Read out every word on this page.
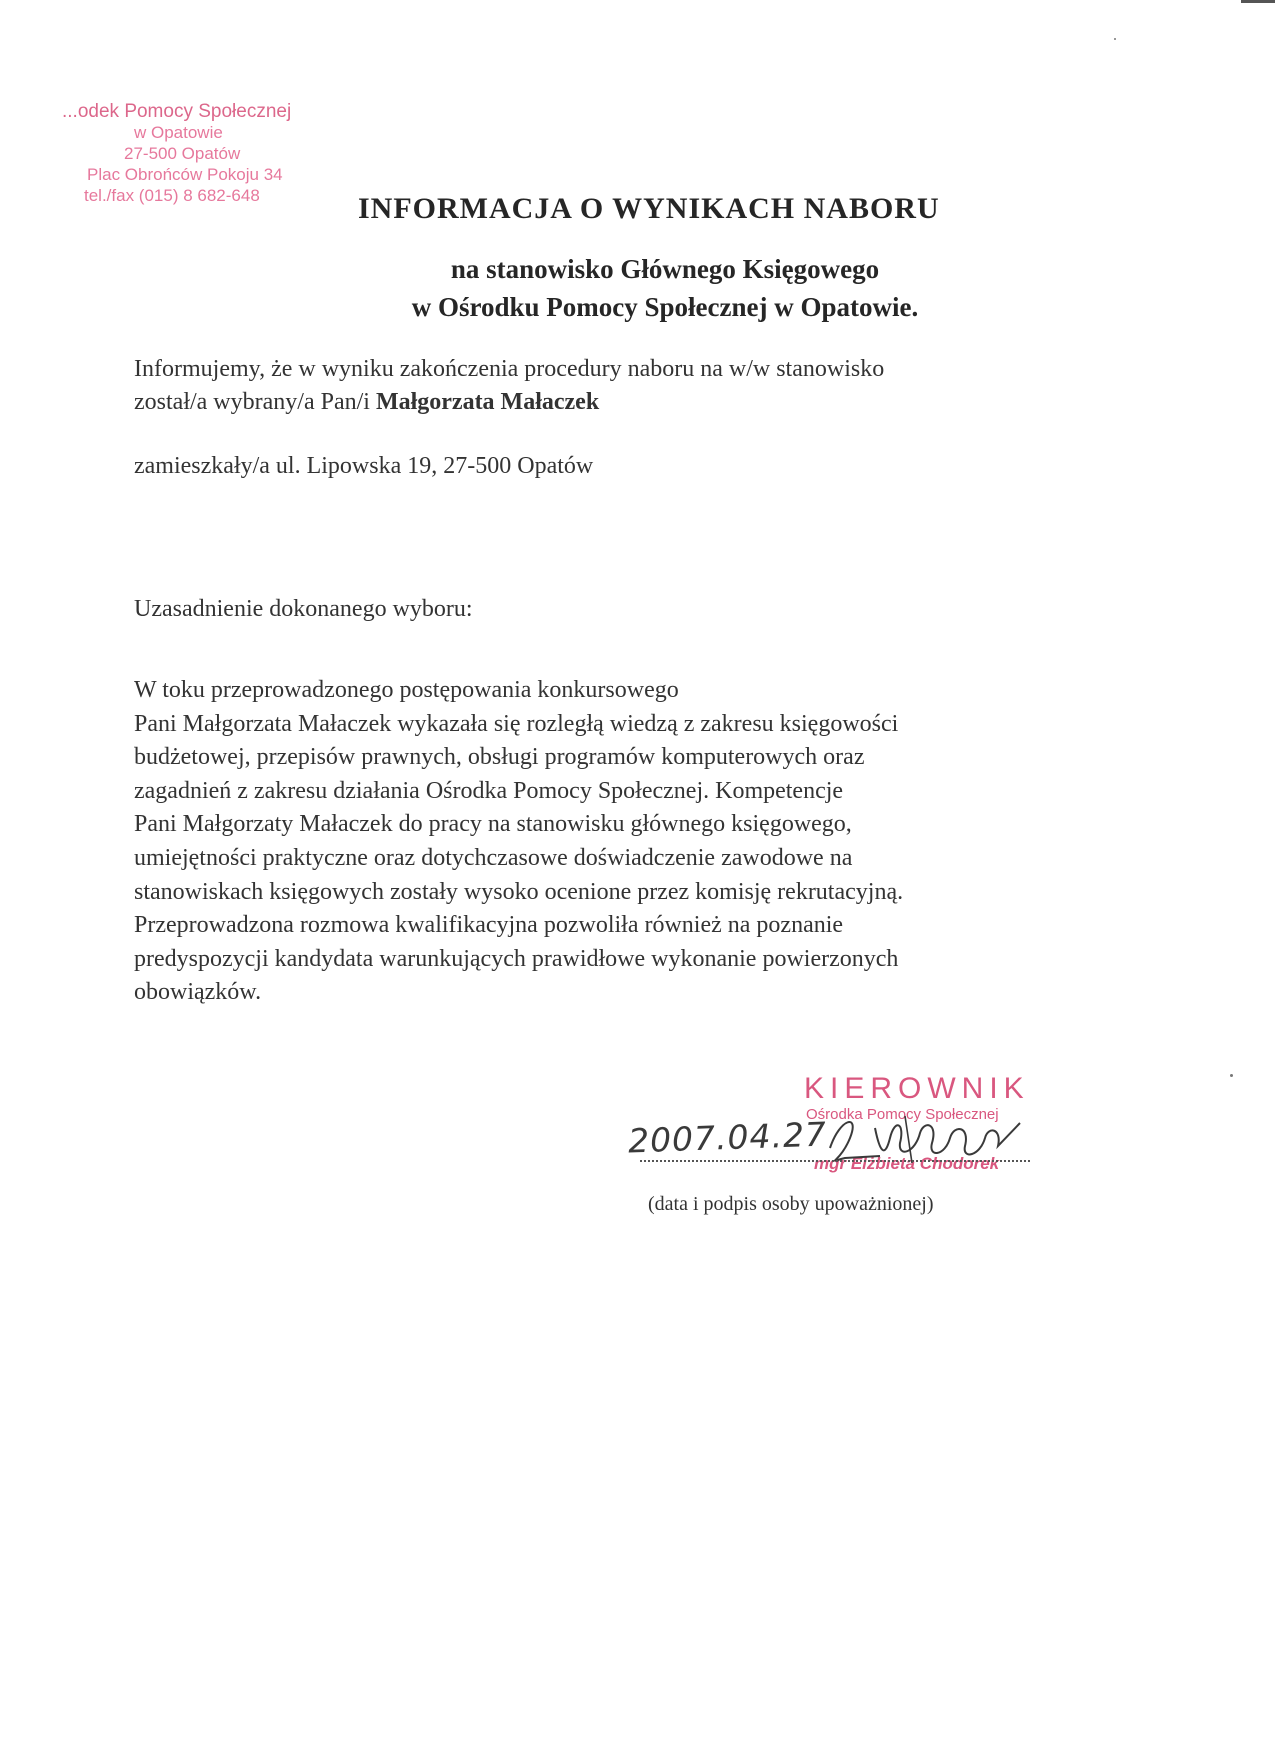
...odek Pomocy Społecznej
w Opatowie
27-500 Opatów
Plac Obrońców Pokoju 34
tel./fax (015) 8 682-648	INFORMACJA O WYNIKACH NABORU
na stanowisko Głównego Księgowego
w Ośrodku Pomocy Społecznej w Opatowie.
Informujemy, że w wyniku zakończenia procedury naboru na w/w stanowisko
został/a wybrany/a Pan/i Małgorzata Małaczek
zamieszkały/a ul. Lipowska 19, 27-500 Opatów
Uzasadnienie dokonanego wyboru:
W toku przeprowadzonego postępowania konkursowego
Pani Małgorzata Małaczek wykazała się rozległą wiedzą z zakresu księgowości
budżetowej, przepisów prawnych, obsługi programów komputerowych oraz
zagadnień z zakresu działania Ośrodka Pomocy Społecznej. Kompetencje
Pani Małgorzaty Małaczek do pracy na stanowisku głównego księgowego,
umiejętności praktyczne oraz dotychczasowe doświadczenie zawodowe na
stanowiskach księgowych zostały wysoko ocenione przez komisję rekrutacyjną.
Przeprowadzona rozmowa kwalifikacyjna pozwoliła również na poznanie
predyspozycji kandydata warunkujących prawidłowe wykonanie powierzonych
obowiązków.
KIEROWNIK
Ośrodka Pomocy Społecznej
mgr Elżbieta Chodorek
2007.04.27
(data i podpis osoby upoważnionej)
